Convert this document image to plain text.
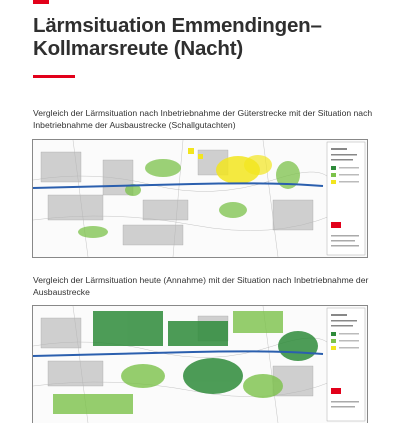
Lärmsituation Emmendingen–
Kollmarsreute (Nacht)

Vergleich der Lärmsituation nach Inbetriebnahme der Güterstrecke mit der Situation nach Inbetriebnahme der Ausbaustrecke (Schallgutachten)

Vergleich der Lärmsituation heute (Annahme) mit der Situation nach Inbetriebnahme der Ausbaustrecke
